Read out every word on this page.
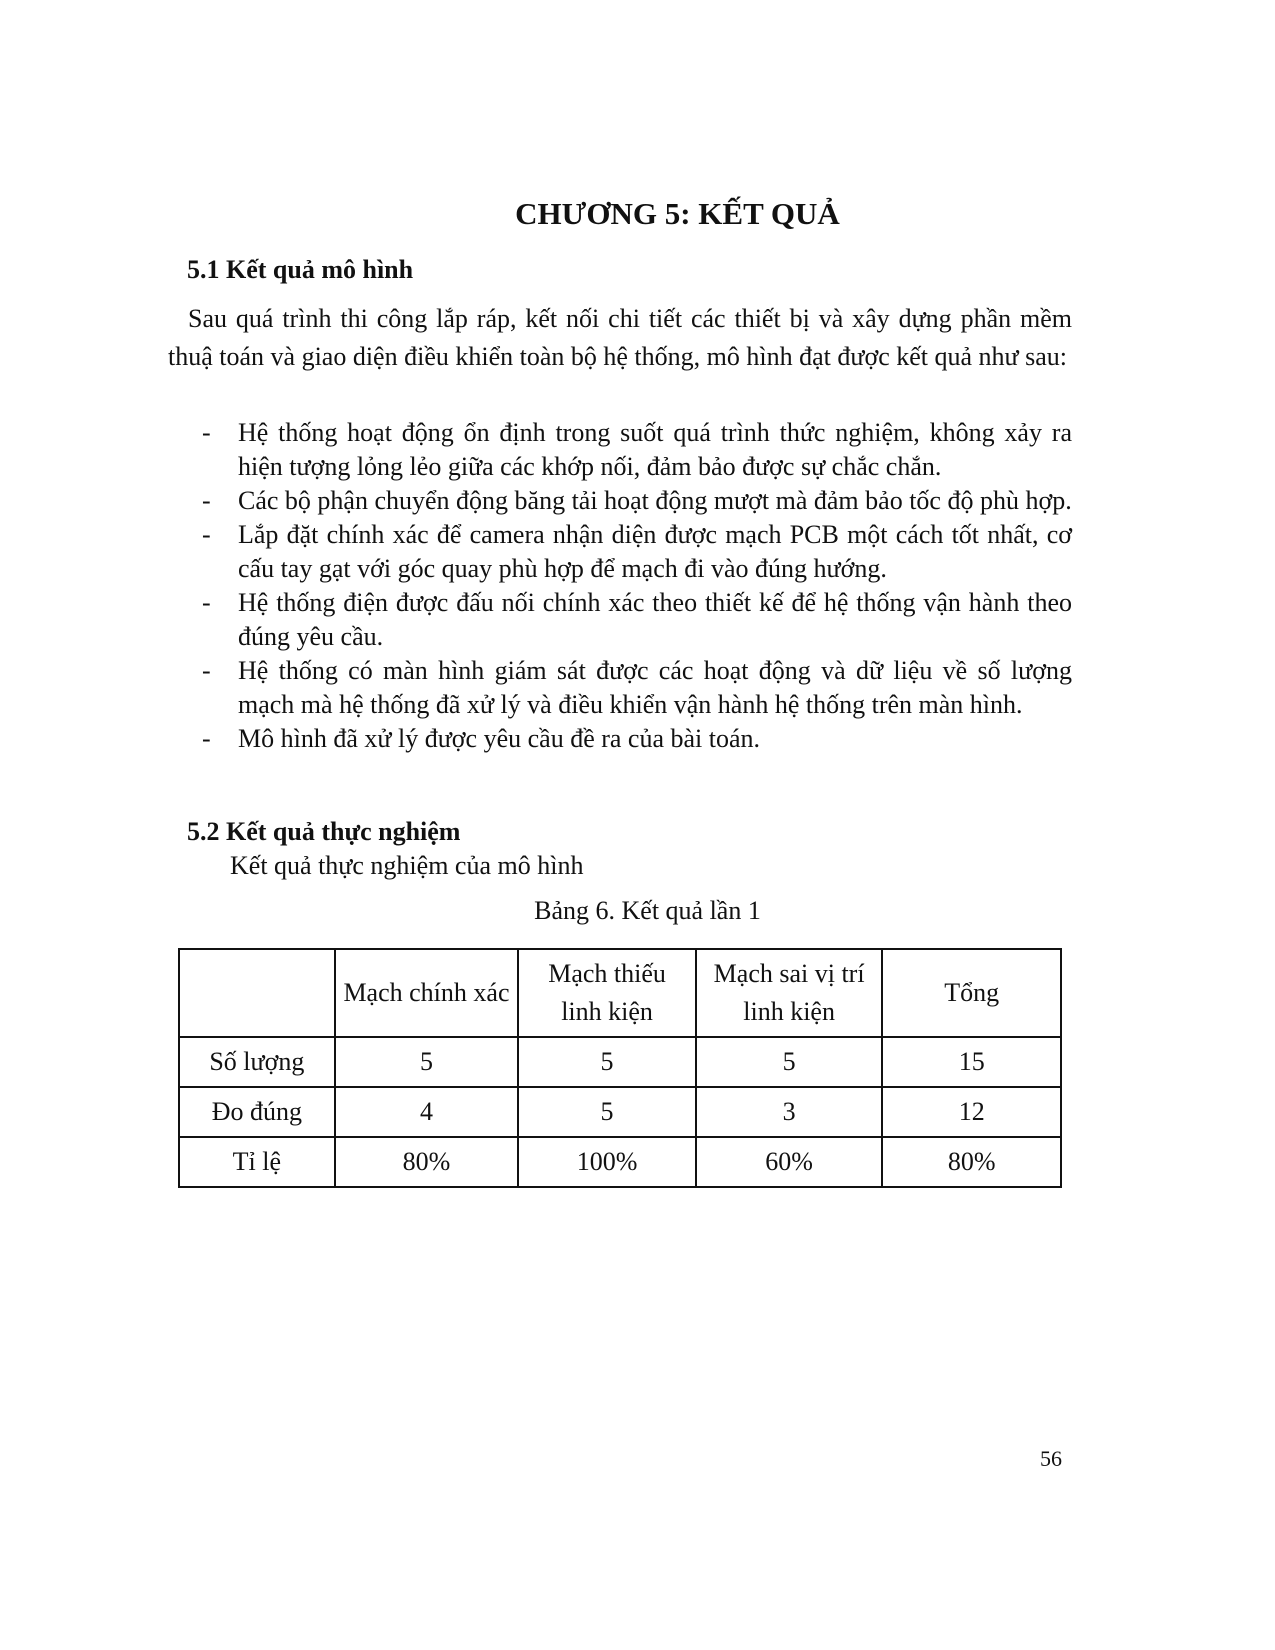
CHƯƠNG 5: KẾT QUẢ
5.1 Kết quả mô hình

Sau quá trình thi công lắp ráp, kết nối chi tiết các thiết bị và xây dựng phần mềm thuậ toán và giao diện điều khiển toàn bộ hệ thống, mô hình đạt được kết quả như sau:

- Hệ thống hoạt động ổn định trong suốt quá trình thức nghiệm, không xảy ra hiện tượng lỏng lẻo giữa các khớp nối, đảm bảo được sự chắc chắn.
- Các bộ phận chuyển động băng tải hoạt động mượt mà đảm bảo tốc độ phù hợp.
- Lắp đặt chính xác để camera nhận diện được mạch PCB một cách tốt nhất, cơ cấu tay gạt với góc quay phù hợp để mạch đi vào đúng hướng.
- Hệ thống điện được đấu nối chính xác theo thiết kế để hệ thống vận hành theo đúng yêu cầu.
- Hệ thống có màn hình giám sát được các hoạt động và dữ liệu về số lượng mạch mà hệ thống đã xử lý và điều khiển vận hành hệ thống trên màn hình.
- Mô hình đã xử lý được yêu cầu đề ra của bài toán.
5.2 Kết quả thực nghiệm

Kết quả thực nghiệm của mô hình

Bảng 6. Kết quả lần 1

	Mạch chính xác	Mạch thiếu linh kiện	Mạch sai vị trí linh kiện	Tổng
Số lượng	5	5	5	15
Đo đúng	4	5	3	12
Tỉ lệ	80%	100%	60%	80%

56
